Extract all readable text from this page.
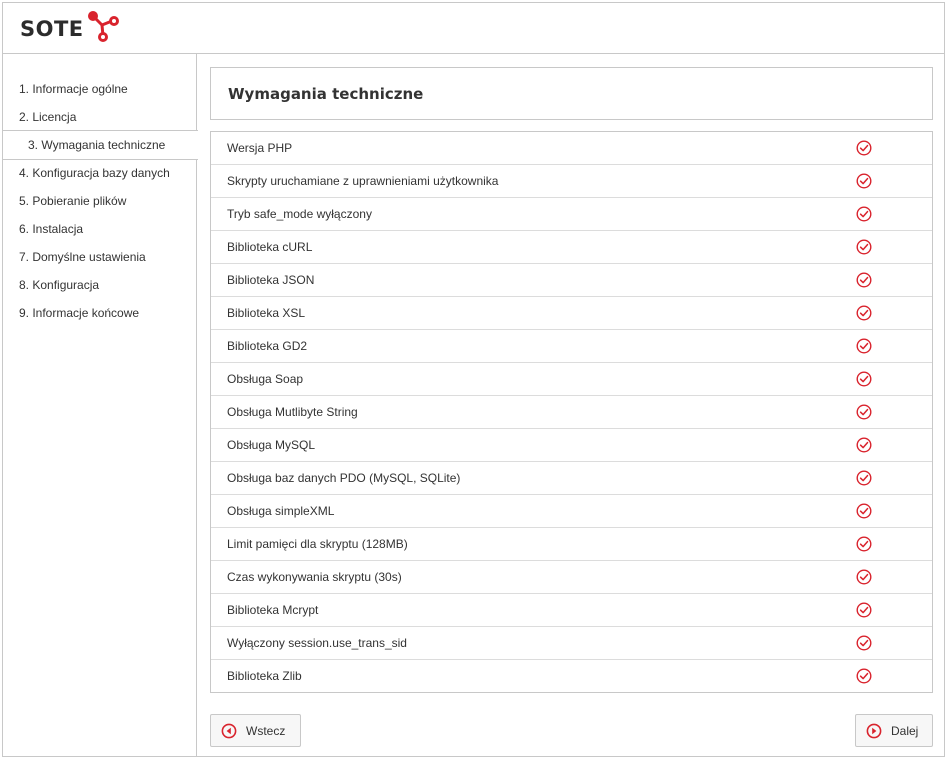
SOTE
1. Informacje ogólne
2. Licencja
3. Wymagania techniczne
4. Konfiguracja bazy danych
5. Pobieranie plików
6. Instalacja
7. Domyślne ustawienia
8. Konfiguracja
9. Informacje końcowe
Wymagania techniczne
Wersja PHP
Skrypty uruchamiane z uprawnieniami użytkownika
Tryb safe_mode wyłączony
Biblioteka cURL
Biblioteka JSON
Biblioteka XSL
Biblioteka GD2
Obsługa Soap
Obsługa Mutlibyte String
Obsługa MySQL
Obsługa baz danych PDO (MySQL, SQLite)
Obsługa simpleXML
Limit pamięci dla skryptu (128MB)
Czas wykonywania skryptu (30s)
Biblioteka Mcrypt
Wyłączony session.use_trans_sid
Biblioteka Zlib
Wstecz	Dalej
